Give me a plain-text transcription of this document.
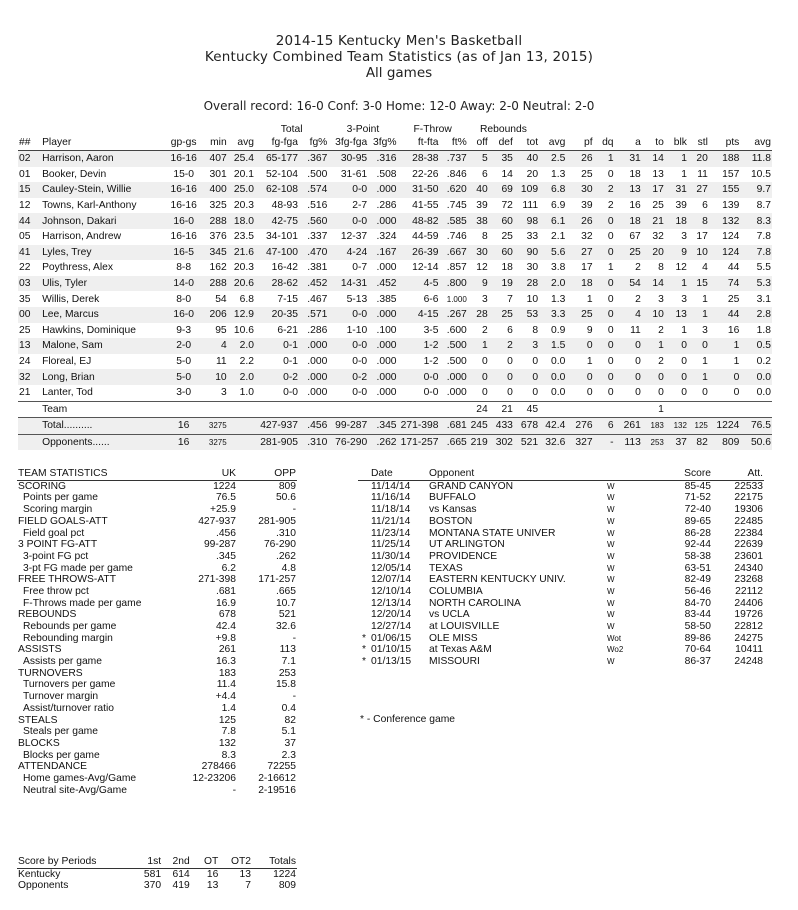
2014-15 Kentucky Men's Basketball
Kentucky Combined Team Statistics (as of Jan 13, 2015)
All games
Overall record: 16-0 Conf: 3-0 Home: 12-0 Away: 2-0 Neutral: 2-0
					Total		3-Point		F-Throw		Rebounds											
##	Player	gp-gs	min	avg	fg-fga	fg%	3fg-fga	3fg%	ft-fta	ft%	off	def	tot	avg	pf	dq	a	to	blk	stl	pts	avg
02	Harrison, Aaron	16-16	407	25.4	65-177	.367	30-95	.316	28-38	.737	5	35	40	2.5	26	1	31	14	1	20	188	11.8
01	Booker, Devin	15-0	301	20.1	52-104	.500	31-61	.508	22-26	.846	6	14	20	1.3	25	0	18	13	1	11	157	10.5
15	Cauley-Stein, Willie	16-16	400	25.0	62-108	.574	0-0	.000	31-50	.620	40	69	109	6.8	30	2	13	17	31	27	155	9.7
12	Towns, Karl-Anthony	16-16	325	20.3	48-93	.516	2-7	.286	41-55	.745	39	72	111	6.9	39	2	16	25	39	6	139	8.7
44	Johnson, Dakari	16-0	288	18.0	42-75	.560	0-0	.000	48-82	.585	38	60	98	6.1	26	0	18	21	18	8	132	8.3
05	Harrison, Andrew	16-16	376	23.5	34-101	.337	12-37	.324	44-59	.746	8	25	33	2.1	32	0	67	32	3	17	124	7.8
41	Lyles, Trey	16-5	345	21.6	47-100	.470	4-24	.167	26-39	.667	30	60	90	5.6	27	0	25	20	9	10	124	7.8
22	Poythress, Alex	8-8	162	20.3	16-42	.381	0-7	.000	12-14	.857	12	18	30	3.8	17	1	2	8	12	4	44	5.5
03	Ulis, Tyler	14-0	288	20.6	28-62	.452	14-31	.452	4-5	.800	9	19	28	2.0	18	0	54	14	1	15	74	5.3
35	Willis, Derek	8-0	54	6.8	7-15	.467	5-13	.385	6-6	1.000	3	7	10	1.3	1	0	2	3	3	1	25	3.1
00	Lee, Marcus	16-0	206	12.9	20-35	.571	0-0	.000	4-15	.267	28	25	53	3.3	25	0	4	10	13	1	44	2.8
25	Hawkins, Dominique	9-3	95	10.6	6-21	.286	1-10	.100	3-5	.600	2	6	8	0.9	9	0	11	2	1	3	16	1.8
13	Malone, Sam	2-0	4	2.0	0-1	.000	0-0	.000	1-2	.500	1	2	3	1.5	0	0	0	1	0	0	1	0.5
24	Floreal, EJ	5-0	11	2.2	0-1	.000	0-0	.000	1-2	.500	0	0	0	0.0	1	0	0	2	0	1	1	0.2
32	Long, Brian	5-0	10	2.0	0-2	.000	0-2	.000	0-0	.000	0	0	0	0.0	0	0	0	0	0	1	0	0.0
21	Lanter, Tod	3-0	3	1.0	0-0	.000	0-0	.000	0-0	.000	0	0	0	0.0	0	0	0	0	0	0	0	0.0
	Team										24	21	45					1				
	Total..........	16	3275		427-937	.456	99-287	.345	271-398	.681	245	433	678	42.4	276	6	261	183	132	125	1224	76.5
	Opponents......	16	3275		281-905	.310	76-290	.262	171-257	.665	219	302	521	32.6	327	-	113	253	37	82	809	50.6
TEAM STATISTICS	UK	OPP
SCORING	1224	809
Points per game	76.5	50.6
Scoring margin	+25.9	-
FIELD GOALS-ATT	427-937	281-905
Field goal pct	.456	.310
3 POINT FG-ATT	99-287	76-290
3-point FG pct	.345	.262
3-pt FG made per game	6.2	4.8
FREE THROWS-ATT	271-398	171-257
Free throw pct	.681	.665
F-Throws made per game	16.9	10.7
REBOUNDS	678	521
Rebounds per game	42.4	32.6
Rebounding margin	+9.8	-
ASSISTS	261	113
Assists per game	16.3	7.1
TURNOVERS	183	253
Turnovers per game	11.4	15.8
Turnover margin	+4.4	-
Assist/turnover ratio	1.4	0.4
STEALS	125	82
Steals per game	7.8	5.1
BLOCKS	132	37
Blocks per game	8.3	2.3
ATTENDANCE	278466	72255
Home games-Avg/Game	12-23206	2-16612
Neutral site-Avg/Game	-	2-19516
	Date	Opponent		Score	Att.
	11/14/14	GRAND CANYON	W	85-45	22533
	11/16/14	BUFFALO	W	71-52	22175
	11/18/14	vs Kansas	W	72-40	19306
	11/21/14	BOSTON	W	89-65	22485
	11/23/14	MONTANA STATE UNIVER	W	86-28	22384
	11/25/14	UT ARLINGTON	W	92-44	22639
	11/30/14	PROVIDENCE	W	58-38	23601
	12/05/14	TEXAS	W	63-51	24340
	12/07/14	EASTERN KENTUCKY UNIV.	W	82-49	23268
	12/10/14	COLUMBIA	W	56-46	22112
	12/13/14	NORTH CAROLINA	W	84-70	24406
	12/20/14	vs UCLA	W	83-44	19726
	12/27/14	at LOUISVILLE	W	58-50	22812
*	01/06/15	OLE MISS	Wot	89-86	24275
*	01/10/15	at Texas A&M	Wo2	70-64	10411
*	01/13/15	MISSOURI	W	86-37	24248
* - Conference game
Score by Periods	1st	2nd	OT	OT2	Totals
Kentucky	581	614	16	13	1224
Opponents	370	419	13	7	809
